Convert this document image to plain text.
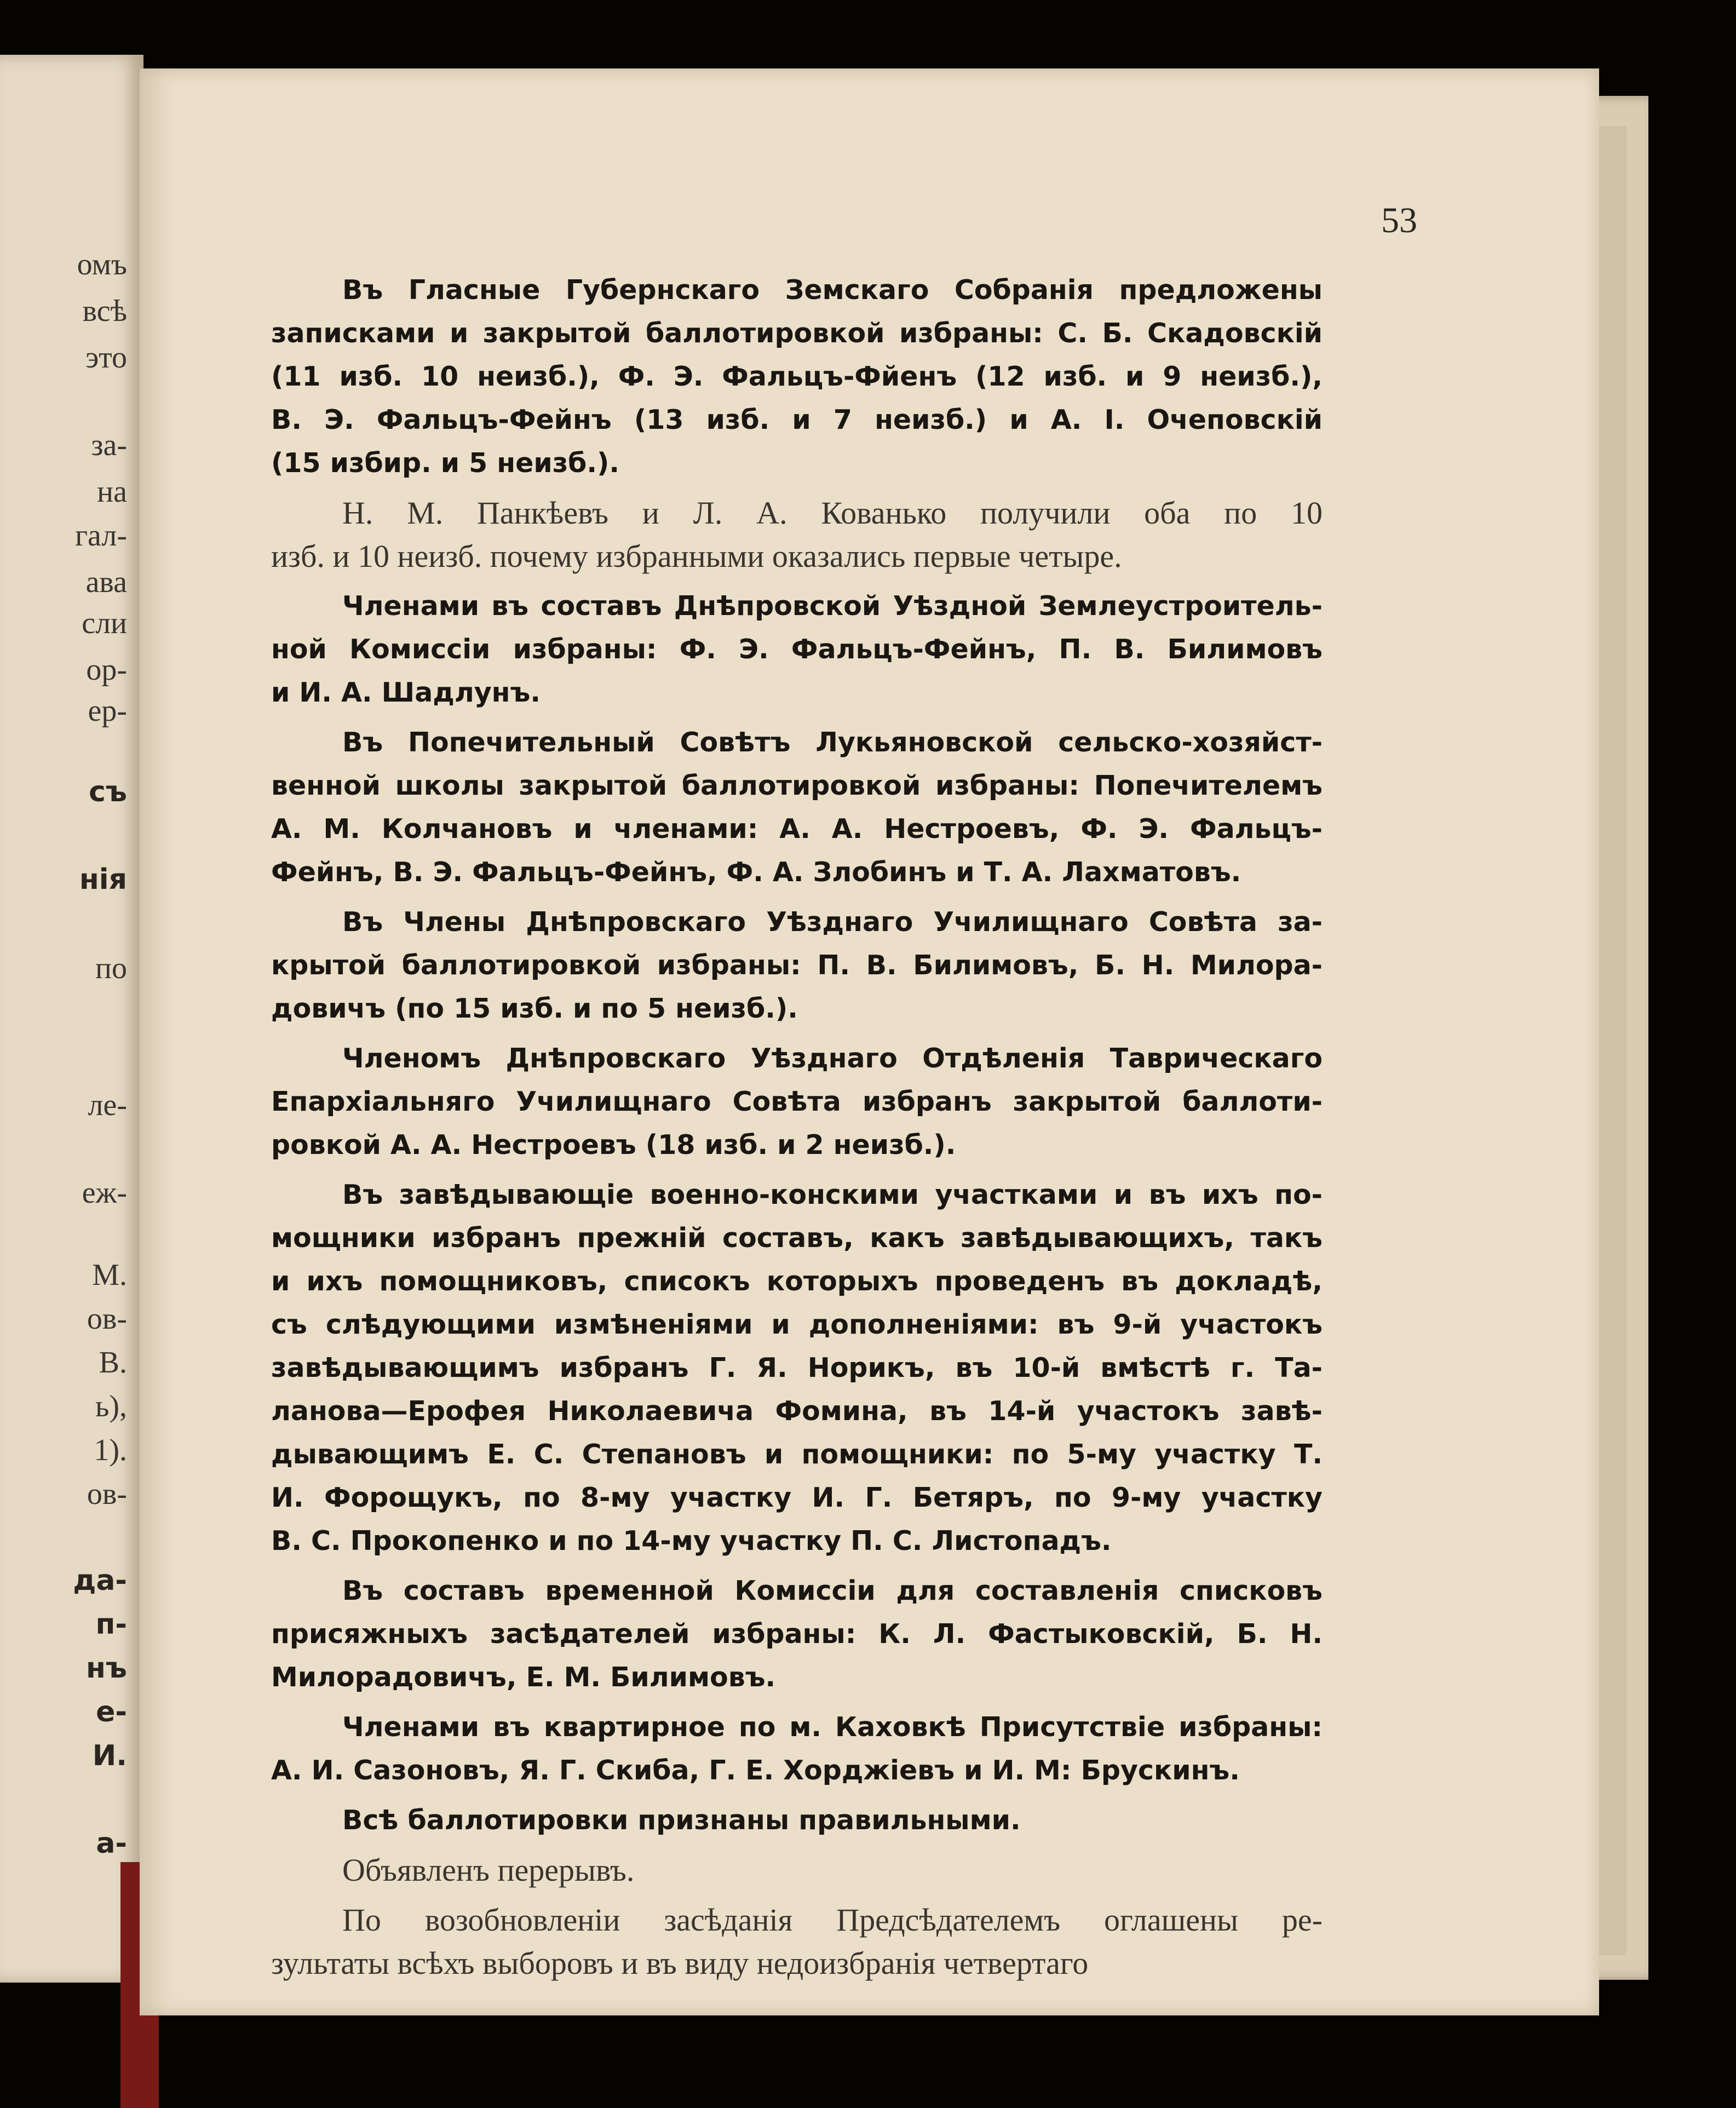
омъ
всѣ
это
за-
на
гал-
ава
сли
ор-
ер-
съ
нія
по
ле-
еж-
М.
ов-
В.
ь),
1).
ов-
да-
п-
нъ
е-
И.
а-
53
Въ Гласные Губернскаго Земскаго Собранія предложены
записками и закрытой баллотировкой избраны: С. Б. Скадовскій
(11 изб. 10 неизб.), Ф. Э. Фальцъ-Фйенъ (12 изб. и 9 неизб.),
В. Э. Фальцъ-Фейнъ (13 изб. и 7 неизб.) и А. І. Очеповскій
(15 избир. и 5 неизб.).
Н. М. Панкѣевъ и Л. А. Кованько получили оба по 10
изб. и 10 неизб. почему избранными оказались первые четыре.
Членами въ составъ Днѣпровской Уѣздной Землеустроитель-
ной Комиссіи избраны: Ф. Э. Фальцъ-Фейнъ, П. В. Билимовъ
и И. А. Шадлунъ.
Въ Попечительный Совѣтъ Лукьяновской сельско-хозяйст-
венной школы закрытой баллотировкой избраны: Попечителемъ
А. М. Колчановъ и членами: А. А. Нестроевъ, Ф. Э. Фальцъ-
Фейнъ, В. Э. Фальцъ-Фейнъ, Ф. А. Злобинъ и Т. А. Лахматовъ.
Въ Члены Днѣпровскаго Уѣзднаго Училищнаго Совѣта за-
крытой баллотировкой избраны: П. В. Билимовъ, Б. Н. Милора-
довичъ (по 15 изб. и по 5 неизб.).
Членомъ Днѣпровскаго Уѣзднаго Отдѣленія Таврическаго
Епархіальняго Училищнаго Совѣта избранъ закрытой баллоти-
ровкой А. А. Нестроевъ (18 изб. и 2 неизб.).
Въ завѣдывающіе военно-конскими участками и въ ихъ по-
мощники избранъ прежній составъ, какъ завѣдывающихъ, такъ
и ихъ помощниковъ, списокъ которыхъ проведенъ въ докладѣ,
съ слѣдующими измѣненіями и дополненіями: въ 9-й участокъ
завѣдывающимъ избранъ Г. Я. Норикъ, въ 10-й вмѣстѣ г. Та-
ланова—Ерофея Николаевича Фомина, въ 14-й участокъ завѣ-
дывающимъ Е. С. Степановъ и помощники: по 5-му участку Т.
И. Форощукъ, по 8-му участку И. Г. Бетяръ, по 9-му участку
В. С. Прокопенко и по 14-му участку П. С. Листопадъ.
Въ составъ временной Комиссіи для составленія списковъ
присяжныхъ засѣдателей избраны: К. Л. Фастыковскій, Б. Н.
Милорадовичъ, Е. М. Билимовъ.
Членами въ квартирное по м. Каховкѣ Присутствіе избраны:
А. И. Сазоновъ, Я. Г. Скиба, Г. Е. Хорджіевъ и И. М: Брускинъ.
Всѣ баллотировки признаны правильными.
Объявленъ перерывъ.
По возобновленіи засѣданія Предсѣдателемъ оглашены ре-
зультаты всѣхъ выборовъ и въ виду недоизбранія четвертаго
